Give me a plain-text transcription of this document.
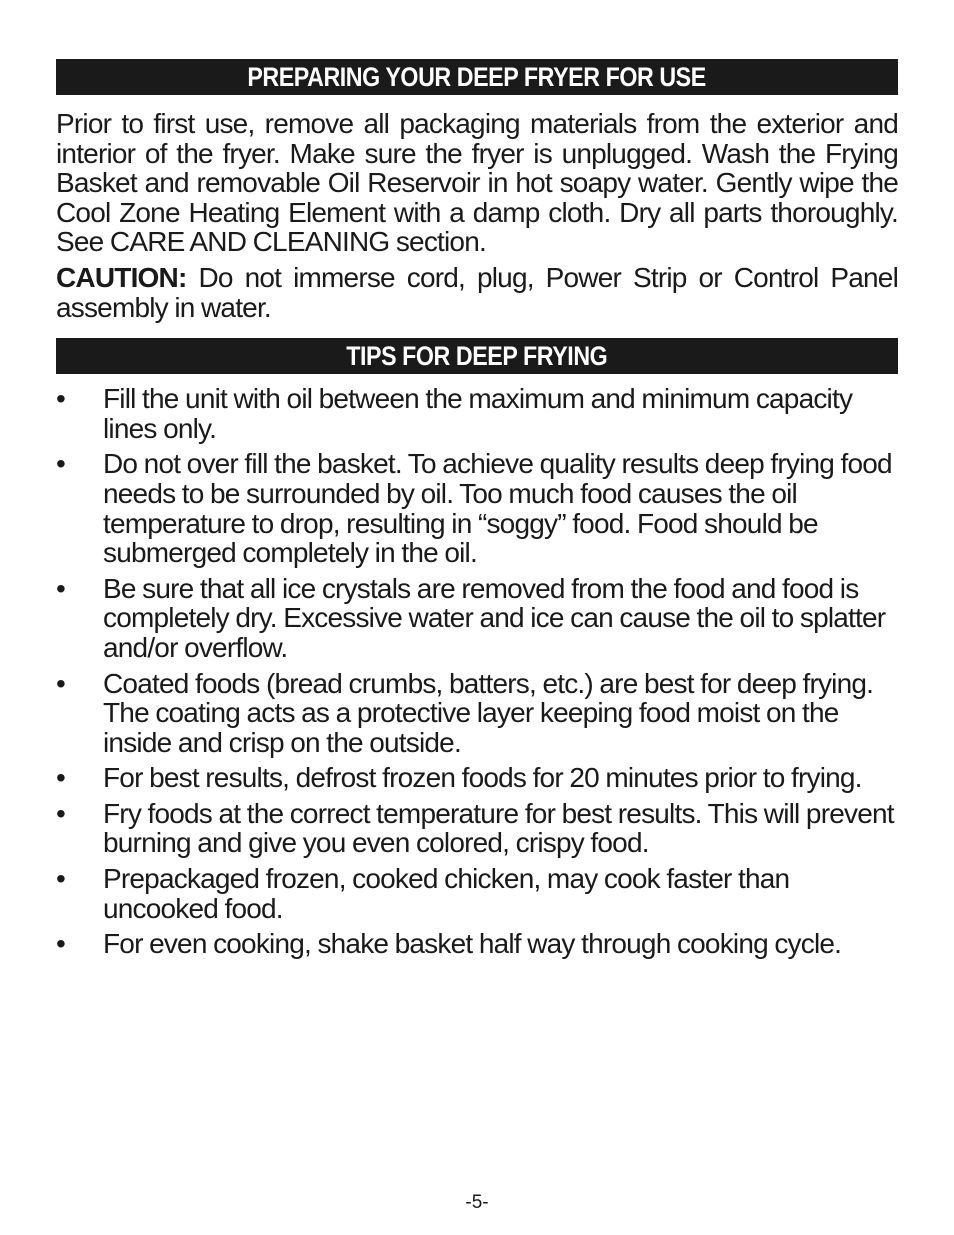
PREPARING YOUR DEEP FRYER FOR USE

Prior to first use, remove all packaging materials from the exterior and interior of the fryer. Make sure the fryer is unplugged. Wash the Frying Basket and removable Oil Reservoir in hot soapy water. Gently wipe the Cool Zone Heating Element with a damp cloth. Dry all parts thoroughly. See CARE AND CLEANING section.

CAUTION: Do not immerse cord, plug, Power Strip or Control Panel assembly in water.

TIPS FOR DEEP FRYING
•	Fill the unit with oil between the maximum and minimum capacity lines only.
•	Do not over fill the basket. To achieve quality results deep frying food needs to be surrounded by oil. Too much food causes the oil temperature to drop, resulting in “soggy” food. Food should be submerged completely in the oil.
•	Be sure that all ice crystals are removed from the food and food is completely dry. Excessive water and ice can cause the oil to splatter and/or overflow.
•	Coated foods (bread crumbs, batters, etc.) are best for deep frying. The coating acts as a protective layer keeping food moist on the inside and crisp on the outside.
•	For best results, defrost frozen foods for 20 minutes prior to frying.
•	Fry foods at the correct temperature for best results. This will prevent burning and give you even colored, crispy food.
•	Prepackaged frozen, cooked chicken, may cook faster than uncooked food.
•	For even cooking, shake basket half way through cooking cycle.
-5-
